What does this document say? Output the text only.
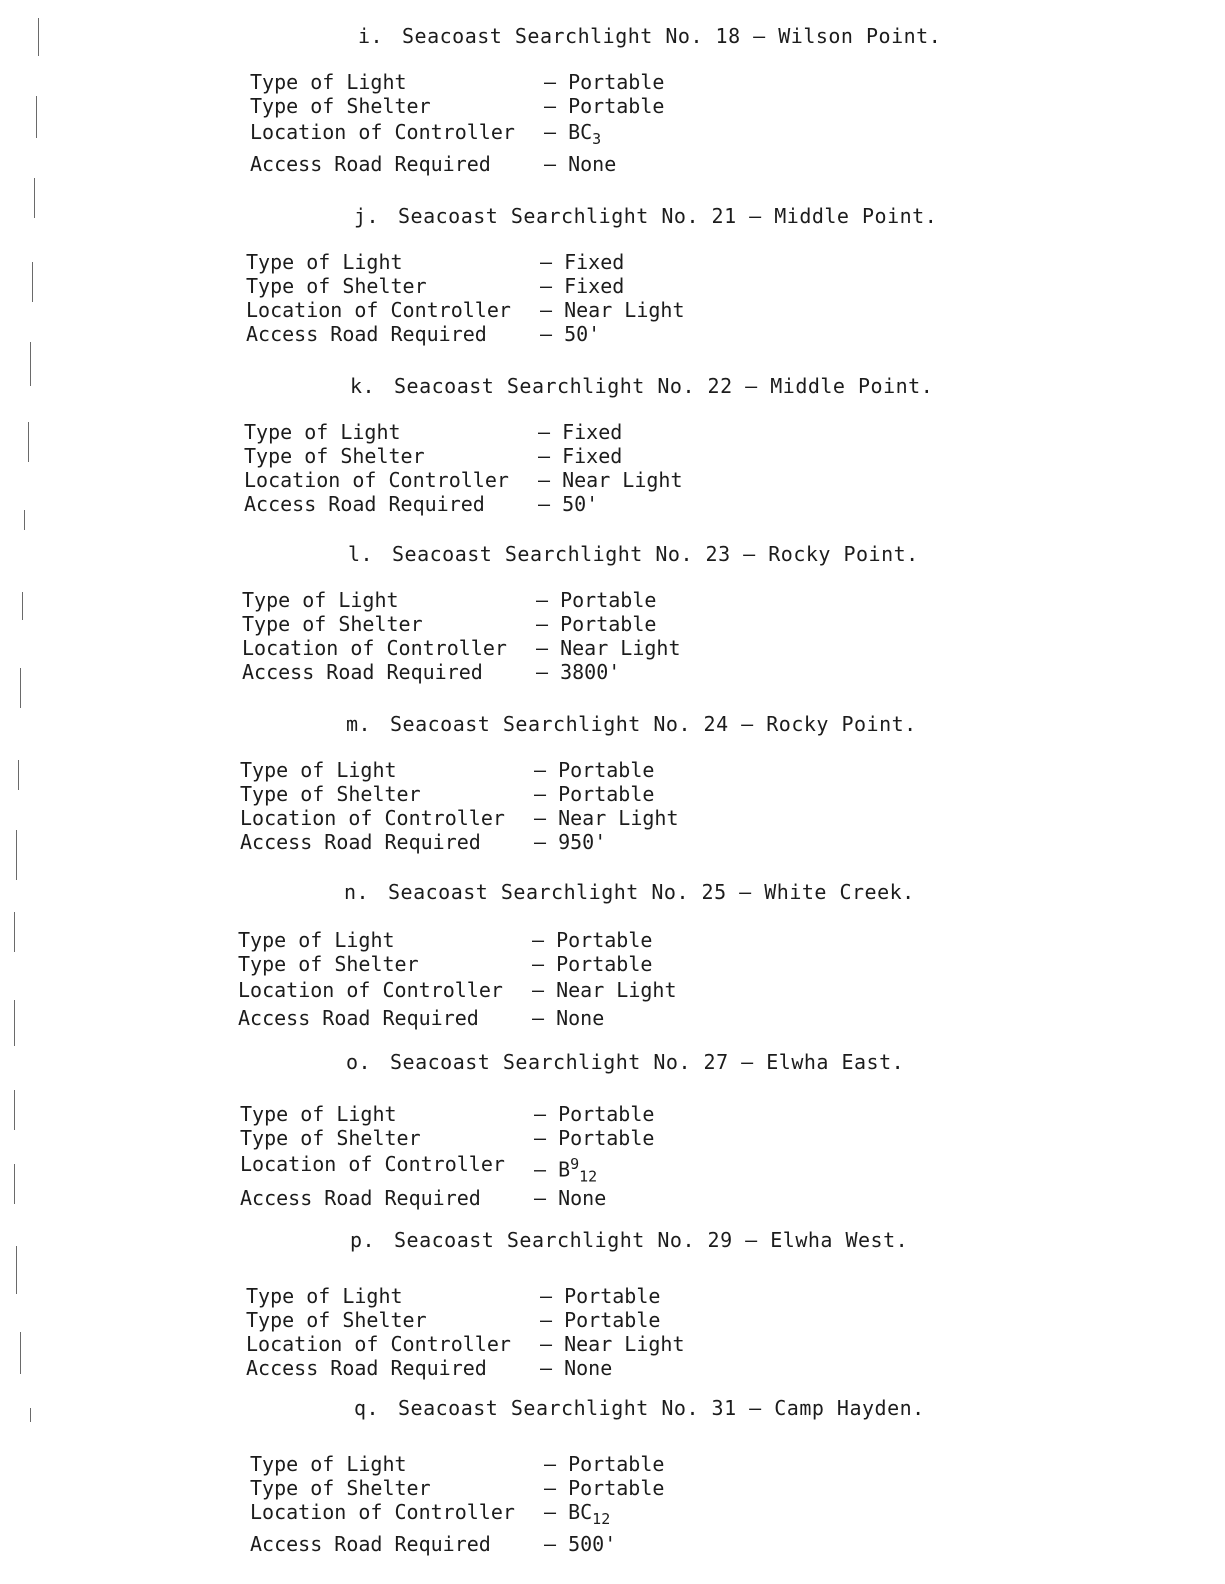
i. Seacoast Searchlight No. 18 – Wilson Point.
Type of Light	– Portable
Type of Shelter	– Portable
Location of Controller – $BC_3$
Access Road Required	– None
j. Seacoast Searchlight No. 21 – Middle Point.
Type of Light	– Fixed
Type of Shelter	– Fixed
Location of Controller – Near Light
Access Road Required	– 50'
k. Seacoast Searchlight No. 22 – Middle Point.
Type of Light	– Fixed
Type of Shelter	– Fixed
Location of Controller – Near Light
Access Road Required	– 50'
l. Seacoast Searchlight No. 23 – Rocky Point.
Type of Light	– Portable
Type of Shelter	– Portable
Location of Controller – Near Light
Access Road Required	– 3800'
m. Seacoast Searchlight No. 24 – Rocky Point.
Type of Light	– Portable
Type of Shelter	– Portable
Location of Controller – Near Light
Access Road Required	– 950'
n. Seacoast Searchlight No. 25 – White Creek.
Type of Light	– Portable
Type of Shelter	– Portable
Location of Controller – Near Light
Access Road Required	– None
o. Seacoast Searchlight No. 27 – Elwha East.
Type of Light	– Portable
Type of Shelter	– Portable
Location of Controller – $B^9_{12}$
Access Road Required	– None
p. Seacoast Searchlight No. 29 – Elwha West.
Type of Light	– Portable
Type of Shelter	– Portable
Location of Controller – Near Light
Access Road Required	– None
q. Seacoast Searchlight No. 31 – Camp Hayden.
Type of Light	– Portable
Type of Shelter	– Portable
Location of Controller – $BC_{12}$
Access Road Required	– 500'
